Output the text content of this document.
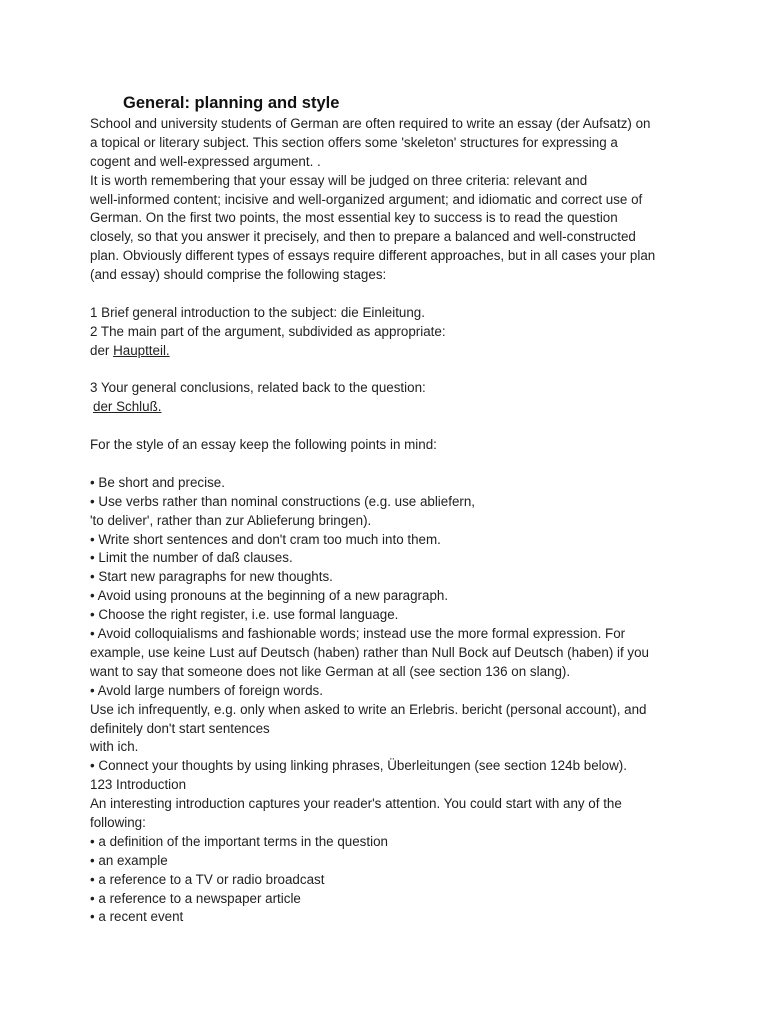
General: planning and style
School and university students of German are often required to write an essay (der Aufsatz) on
a topical or literary subject. This section offers some 'skeleton' structures for expressing a
cogent and well-expressed argument. .
It is worth remembering that your essay will be judged on three criteria: relevant and
well-informed content; incisive and well-organized argument; and idiomatic and correct use of
German. On the first two points, the most essential key to success is to read the question
closely, so that you answer it precisely, and then to prepare a balanced and well-constructed
plan. Obviously different types of essays require different approaches, but in all cases your plan
(and essay) should comprise the following stages:
1 Brief general introduction to the subject: die Einleitung.
2 The main part of the argument, subdivided as appropriate:
der Hauptteil.
3 Your general conclusions, related back to the question:
der Schluß.
For the style of an essay keep the following points in mind:
• Be short and precise.
• Use verbs rather than nominal constructions (e.g. use abliefern,
'to deliver', rather than zur Ablieferung bringen).
• Write short sentences and don't cram too much into them.
• Limit the number of daß clauses.
• Start new paragraphs for new thoughts.
• Avoid using pronouns at the beginning of a new paragraph.
• Choose the right register, i.e. use formal language.
• Avoid colloquialisms and fashionable words; instead use the more formal expression. For
example, use keine Lust auf Deutsch (haben) rather than Null Bock auf Deutsch (haben) if you
want to say that someone does not like German at all (see section 136 on slang).
• Avold large numbers of foreign words.
Use ich infrequently, e.g. only when asked to write an Erlebris. bericht (personal account), and
definitely don't start sentences
with ich.
• Connect your thoughts by using linking phrases, Überleitungen (see section 124b below).
123 Introduction
An interesting introduction captures your reader's attention. You could start with any of the
following:
• a definition of the important terms in the question
• an example
• a reference to a TV or radio broadcast
• a reference to a newspaper article
• a recent event
